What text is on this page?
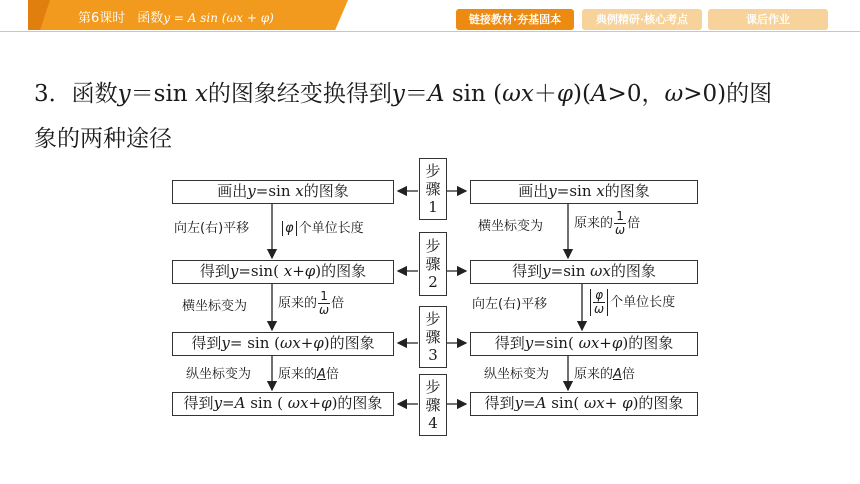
第6课时 函数y = A sin (ωx + φ)	链接教材·夯基固本	典例精研·核心考点	课后作业
3．函数y＝sin x的图象经变换得到y＝A sin (ωx＋φ)(A>0，ω>0)的图
象的两种途径
画出y=sin x的图象
得到y=sin( x+φ)的图象
得到y= sin (ωx+φ)的图象
得到y=A sin ( ωx+φ)的图象
画出y=sin x的图象
得到y=sin ωx的图象
得到y=sin( ωx+φ)的图象
得到y=A sin( ωx+ φ)的图象
步
骤
1
步
骤
2
步
骤
3
步
骤
4
向左(右)平移	φ 个单位长度
横坐标变为 原来的 $\frac{1}{\omega}$ 倍
纵坐标变为 原来的A倍
横坐标变为 原来的 $\frac{1}{\omega}$ 倍
向左(右)平移	$\frac{\varphi}{\omega}$ 个单位长度
纵坐标变为 原来的A倍
